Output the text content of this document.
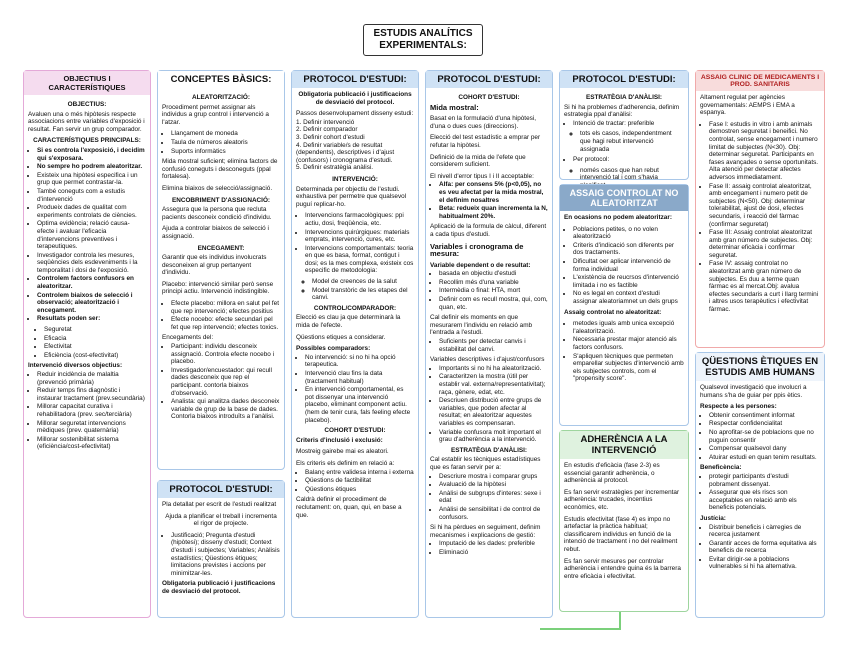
ESTUDIS ANALÍTICS EXPERIMENTALS:
OBJECTIUS I CARACTERÍSTIQUES
OBJECTIUS:

Avaluen una o més hipòtesis respecte associacions entre variables d'exposició i resultat. Fan servir un grup comparador.

CARACTERÍSTIQUES PRINCIPALS:
• Si es controla l'exposició, i decidim qui s'exposara.
• No sempre ho podrem aleatoritzar.
• Existeix una hipòtesi especifica i un grup que permet contrastar-la.
• També coneguts com a estudis d'intervenció
• Produeix dades de qualitat com experiments controlats de ciències.
• Optima evidència; relació causa-efecte i avaluar l'eficacia d'intervencions preventives i terapeutiques.
• Investigador controla les mesures, seqüències dels esdeveniments i la temporalitat i dosi de l'exposició.
• Controlem factors confusors en aleatoritzar.
• Controlem biaixos de selecció i observació; aleatorització i encegament.
• Resultats poden ser:
• Seguretat
• Eficacia
• Efectivitat
• Eficiència (cost-efectivitat)

Intervenció diversos objectius:

• Reduir incidència de malaltia (prevenció primària)
• Reduir temps fins diagnòstic i instaurar tractament (prev.secundària)
• Millorar capacitat curativa i rehabilitadora (prev. sec/terciària)
• Millorar seguretat intervencions mèdiques (prev. quaternària)
• Millorar sostenibilitat sistema (eficiència/cost-efectivitat)
CONCEPTES BÀSICS:
ALEATORITZACIÓ:

Procediment permet assignar als individus a grup control i intervenció a l'atzar.

• Llançament de moneda
• Taula de números aleatoris
• Suports informàtics

Mida mostral suficient; elimina factors de confusió coneguts i desconeguts (ppal fortalesa).

Elimina biaixos de selecció/assignació.

ENCOBRIMENT D'ASSIGNACIÓ:

Assegura que la persona que recluta pacients desconeix condició d'individu.

Ajuda a controlar biaixos de selecció i assignació.

ENCEGAMENT:

Garantir que els individus involucrats desconeixen al grup pertanyent d'individu.

Placebo: intervenció similar però sense principi actiu. Intervenció indistingible.

• Efecte placebo: millora en salut pel fet que rep intervenció; efectes positius
• Efecte nocebo: efecte secundari pel fet que rep intervenció; efectes toxics.

Encegaments del:

• Participant: individu desconeix assignació. Controla efecte nocebo i placebo.
• Investigador/encuestador: qui recull dades desconeix que rep el participant. contorla biaixos d'observació.
• Analista: qui analitza dades desconeix variable de grup de la base de dades. Contorla biaixos introduïts a l'anàlisi.
PROTOCOL D'ESTUDI:

Pla detallat per escrit de l'estudi realitzat

Ajuda a planificar el treball i incrementa el rigor de projecte.

• Justificació; Pregunta d'estudi (hipòtesi); disseny d'estudi; Context d'estudi i subjectes; Variables; Anàlisis estadístics; Qüestions ètiques; limitacions previstes i accions per minimitzar-les.

Obligatoria publicació i justificacions de desviació del protocol.

PROTOCOL D'ESTUDI:

Obligatoria publicació i justificacions de desviació del protocol.

Passos desenvolupament disseny estudi:

1. Definir intervenció

2. Definir comparador

3. Definir cohort d'estudi

4. Definir variable/s de resultat (dependents), descriptives i d'ajust (confusors) i cronograma d'estudi.

5. Definir estratègia anàlisi.

INTERVENCIÓ:

Determinada per objectiu de l'estudi. exhaustiva per permetre que qualsevol puguí replicar-ho.

• Intervencions farmacològiques: ppi actiu, dosi, freqüència, etc.
• Intervencions quirúrgiques: materials emprats, intervenció, cures, etc.
• Intervencions comportamentals: teoria en que es basa, format, contigut i dosi; es la mes complexa, existeix cos especific de metodologia:
◦ Model de creences de la salut
◦ Model transtòric de les etapes del canvi.
CONTROL/COMPARADOR:

Elecció es clau ja que determinarà la mida de l'efecte.

Qüestions etiques a considerar.

Possibles comparadors:

• No intervenció: si no hi ha opció terapeutica.
• Intervenció clau fins la data (tractament habitual)
• En intervenció comportamental, es pot dissenyar una intervenció placebo, eliminant component actiu. (hem de tenir cura, fals feeling efecte placebo).
COHORT D'ESTUDI:

Criteris d'inclusió i exclusió:

Mostreig gairebe mai es aleatori.

Els criteris els definim en relació a:

• Balanç entre validesa interna i externa
• Qüestions de factibilitat
• Qüestions ètiques

Caldrà definir el procediment de reclutament: on, quan, qui, en base a que.

PROTOCOL D'ESTUDI:
COHORT D'ESTUDI:

Mida mostral:

Basat en la formulació d'una hipòtesi, d'una o dues cues (direccions).

Elecció del test estadístic a emprar per refutar la hipòtesi.

Definició de la mida de l'efete que considerem suficient.

El nivell d'error tipus I i II acceptable:

• Alfa: per consens 5% (p<0,05), no es veu afectat per la mida mostral, el definim nosaltres
• Beta: redueix quan incrementa la N, habitualment 20%.

Aplicació de la formula de càlcul, diferent a cada tipus d'estudi.

Variables i cronograma de mesura:

Variable dependent o de resultat:

• basada en objectiu d'estudi
• Recollim més d'una variable
• Intermèdia o final: HTA, mort
• Definir com es recull mostra, qui, com, quan, etc.

Cal definir els moments en que mesurarem l'individu en relació amb l'entrada a l'estudi.

• Suficients per detectar canvis i estabilitat del canvi.

Variables descriptives i d'ajust/confusors

• Importants si no hi ha aleatorització.
• Caracteritzen la mostra (útil per establir val. externa/representativitat); raça, gènere, edat, etc.
• Descriuen distribució entre grups de variables, que poden afectar al resultat; en aleatoritzar aquestes variables es compensaran.
• Variable confusora molt important el grau d'adherència a la intervenció.
ESTRATÈGIA D'ANÀLISI:

Cal establir les tècniques estadístiques que es faran servir per a:

• Descriure mostra i comparar grups
• Avaluació de la hipòtesi
• Anàlisi de subgrups d'interes: sexe i edat
• Anàlisi de sensibilitat i de control de confusors.

Si hi ha pèrdues en seguiment, definim mecanismes i explicacions de gestió:

• Imputació de les dades: preferible
• Eliminació
PROTOCOL D'ESTUDI:
ESTRATÈGIA D'ANÀLISI:

Si hi ha problemes d'adherencia, definim estrategia ppal d'anàlisi:

• Intenció de tractar: preferible
◦ tots els casos, independentment que hagi rebut intervenció assignada
• Per protocol:
◦ només casos que han rebut intervenció tal i com s'havia
ASSAIG CONTROLAT NO ALEATORITZAT

En ocasions no podem aleatoritzar:

• Poblacions petites, o no volen aleatorització
• Criteris d'indicació son diferents per dos tractaments.
• Dificultat oer aplicar intervenció de forma individual
• L'existència de reucrsos d'intervenció limitada i no es factible
• No es legal en context d'estudi assignar aleatoriamnet un dels grups

Assaig controlat no aleatoritzat:

• metodes iguals amb unica excepció l'aleatorització.
• Necessaria prestar major atenció als factors confusors.
• S'apliquen tècniques que permeten emparellar subjectes d'intervenció amb els subjectes controls, com el "propensity score".
ADHERÈNCIA A LA INTERVENCIÓ

En estudis d'eficàcia (fase 2-3) es essencial garantir adherència, o adherència al protocol.

Es fan servir estratègies per incrementar adherència: trucades, incentius econòmics, etc.

Estudis efectivitat (fase 4) es impo no artefactar la pràctica habitual; classificarem individus en funció de la intenció de tractament i no del reailment rebut.

Es fan servir mesures per controlar adherència i entendre quina és la barrera entre eficàcia i efectivitat.

ASSAIG CLINIC DE MEDICAMENTS I PROD. SANITARIS

Altament regulat per agències governamentals: AEMPS i EMA a espanya.

• Fase I: estudis in vitro i amb animals demostren seguretat i beneifici. No controlat, sense encegament i numero limitat de subjectes (N<30). Obj: determinar seguretat. Participants en fases avançades o sense oportunitats. Alta atenció per detectar afectes adversos immediatament.
• Fase II: assaig controlat aleatoritzat, amb encegament i numero petit de subjectes (N<50). Obj: determinar tolerabilitat, ajust de dosi, efectes secundaris, i reacció del fàrmac (confirmar seguretat)
• Fase III: Assaig controlat aleatoritzat amb gran número de subjectes. Obj: determinar eficàcia i confirmar seguretat.
• Fase IV: assaig controlat no aleatoritzat amb gran número de subjectes. Es duu a terme quan fàrmac es al mercat.Obj: avalua efectes secundaris a curt i llarg termini i altres usos terapèutics i efectivitat fàrmac.
QÜESTIONS ÈTIQUES EN ESTUDIS AMB HUMANS

Qualsevol investigació que involucri a humans s'ha de guiar per ppis ètics.

Respecte a les persones:

• Obtenir consentiment informat
• Respectar confidencialitat
• No aprofitar-se de poblacions que no puguin consentir
• Compensar qualsevol dany
• Atuirar estudi en quan tenim resultats.

Beneficència:

• protegir participants d'estudi pobrament dissenyat.
• Assegurar que els riscs son acceptables en relació amb els beneficis potencials.

Justícia:

• Distribuir beneficis i càrregies de recerca justament
• Garantir acces de forma equitativa als beneficis de recerca
• Evitar dirigir-se a poblacions vulnerables si hi ha alternativa.
